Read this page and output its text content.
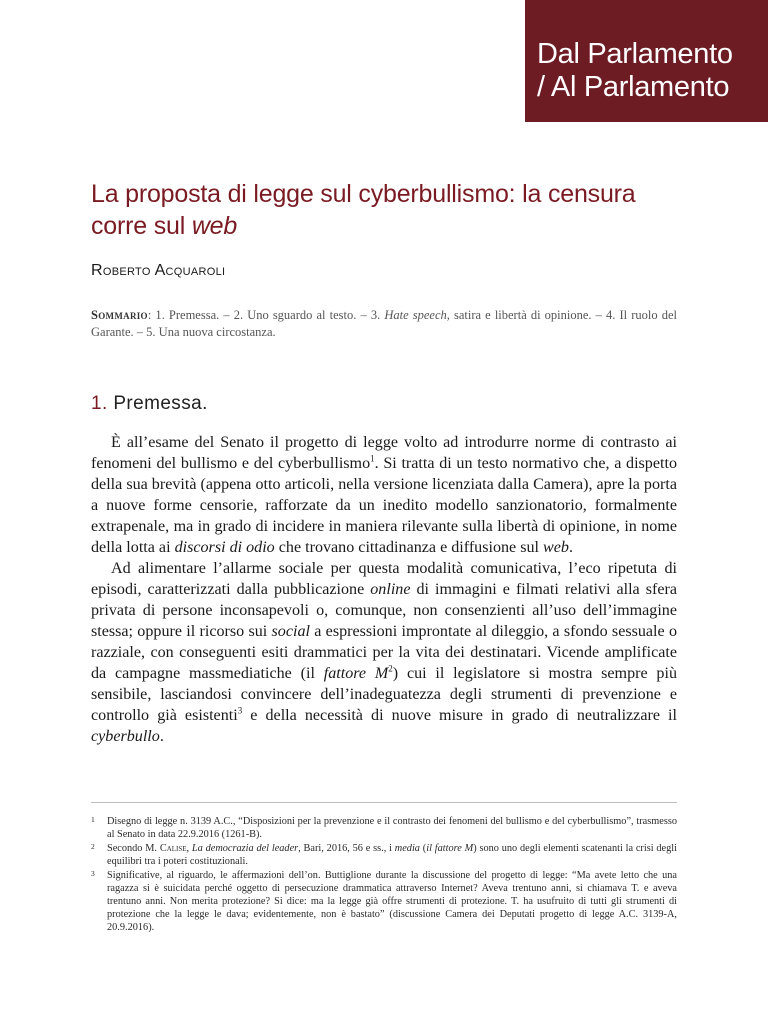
Dal Parlamento
/ Al Parlamento
La proposta di legge sul cyberbullismo: la censura corre sul web
Roberto Acquaroli
Sommario: 1. Premessa. – 2. Uno sguardo al testo. – 3. Hate speech, satira e libertà di opinione. – 4. Il ruolo del Garante. – 5. Una nuova circostanza.
1. Premessa.

È all’esame del Senato il progetto di legge volto ad introdurre norme di contrasto ai fenomeni del bullismo e del cyberbullismo$^1$. Si tratta di un testo normativo che, a dispetto della sua brevità (appena otto articoli, nella versione licenziata dalla Camera), apre la porta a nuove forme censorie, rafforzate da un inedito modello sanzionatorio, formalmente extrapenale, ma in grado di incidere in maniera rilevante sulla libertà di opinione, in nome della lotta ai discorsi di odio che trovano cittadinanza e diffusione sul web.

Ad alimentare l’allarme sociale per questa modalità comunicativa, l’eco ripetuta di episodi, caratterizzati dalla pubblicazione online di immagini e filmati relativi alla sfera privata di persone inconsapevoli o, comunque, non consenzienti all’uso dell’immagine stessa; oppure il ricorso sui social a espressioni improntate al dileggio, a sfondo sessuale o razziale, con conseguenti esiti drammatici per la vita dei destinatari. Vicende amplificate da campagne massmediatiche (il fattore $M^2$) cui il legislatore si mostra sempre più sensibile, lasciandosi convincere dell’inadeguatezza degli strumenti di prevenzione e controllo già esistenti$^3$ e della necessità di nuove misure in grado di neutralizzare il cyberbullo.

1 Disegno di legge n. 3139 A.C., “Disposizioni per la prevenzione e il contrasto dei fenomeni del bullismo e del cyberbullismo”, trasmesso al Senato in data 22.9.2016 (1261-B).
2 Secondo M. Calise, La democrazia del leader, Bari, 2016, 56 e ss., i media (il fattore M) sono uno degli elementi scatenanti la crisi degli equilibri tra i poteri costituzionali.
3 Significative, al riguardo, le affermazioni dell’on. Buttiglione durante la discussione del progetto di legge: “Ma avete letto che una ragazza si è suicidata perché oggetto di persecuzione drammatica attraverso Internet? Aveva trentuno anni, si chiamava T. e aveva trentuno anni. Non merita protezione? Si dice: ma la legge già offre strumenti di protezione. T. ha usufruito di tutti gli strumenti di protezione che la legge le dava; evidentemente, non è bastato” (discussione Camera dei Deputati progetto di legge A.C. 3139-A, 20.9.2016).
